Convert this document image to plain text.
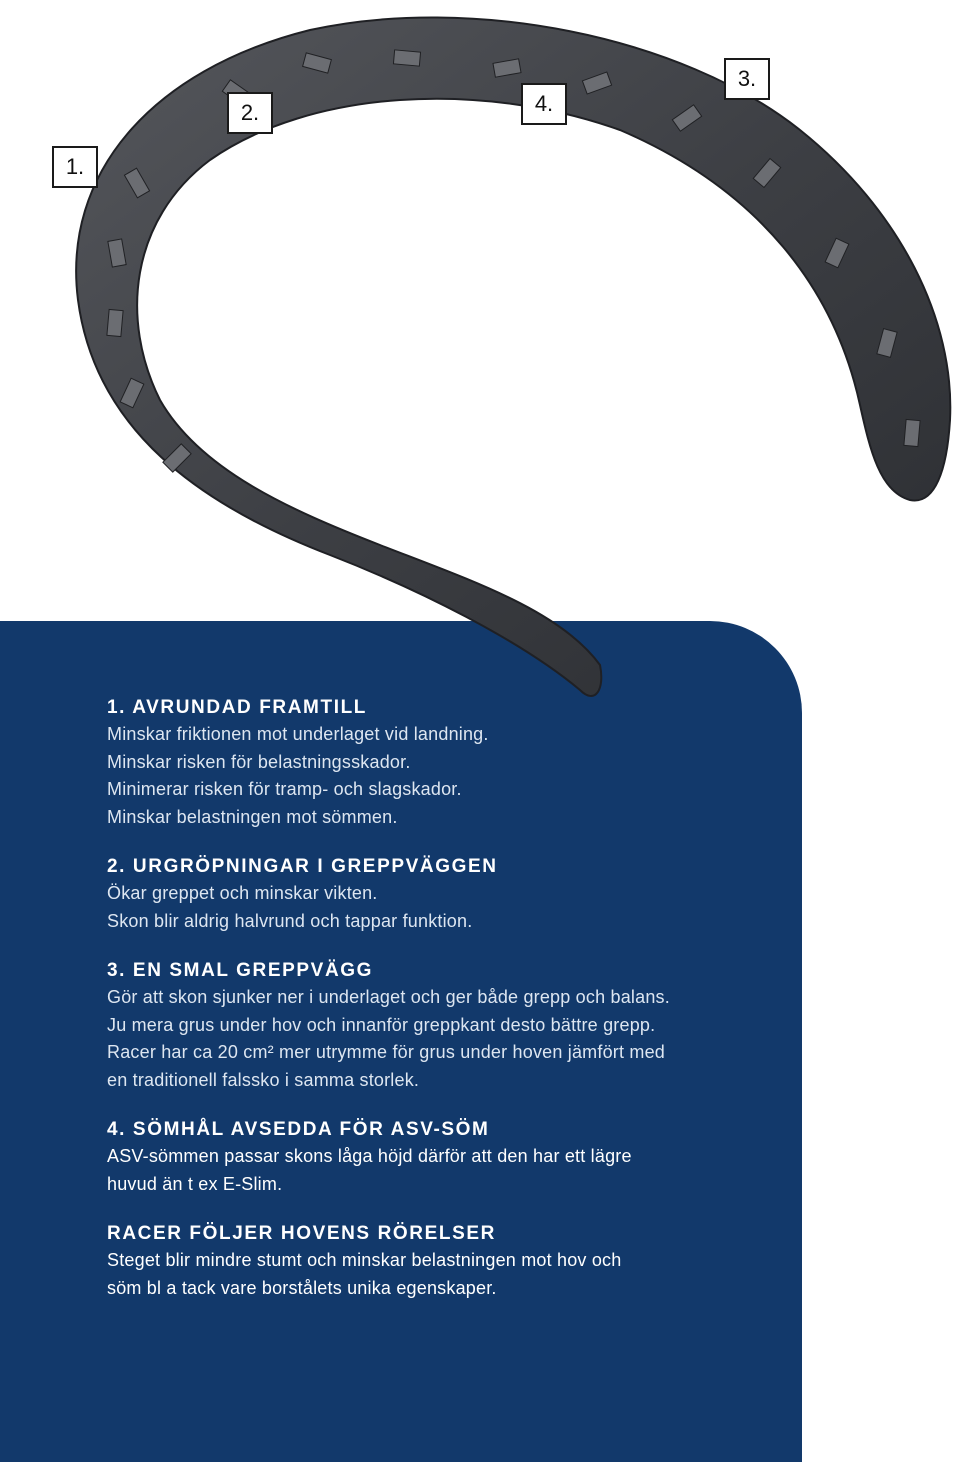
1.
2.	4.
3.

1. AVRUNDAD FRAMTILL

Minskar friktionen mot underlaget vid landning.

Minskar risken för belastningsskador.

Minimerar risken för tramp- och slagskador.

Minskar belastningen mot sömmen.

2. URGRÖPNINGAR I GREPPVÄGGEN

Ökar greppet och minskar vikten.

Skon blir aldrig halvrund och tappar funktion.

3. EN SMAL GREPPVÄGG

Gör att skon sjunker ner i underlaget och ger både grepp och balans.

Ju mera grus under hov och innanför greppkant desto bättre grepp.

Racer har ca 20 cm² mer utrymme för grus under hoven jämfört med

en traditionell falssko i samma storlek.

4. SÖMHÅL AVSEDDA FÖR ASV-SÖM

ASV-sömmen passar skons låga höjd därför att den har ett lägre

huvud än t ex E-Slim.

RACER FÖLJER HOVENS RÖRELSER

Steget blir mindre stumt och minskar belastningen mot hov och

söm bl a tack vare borstålets unika egenskaper.
